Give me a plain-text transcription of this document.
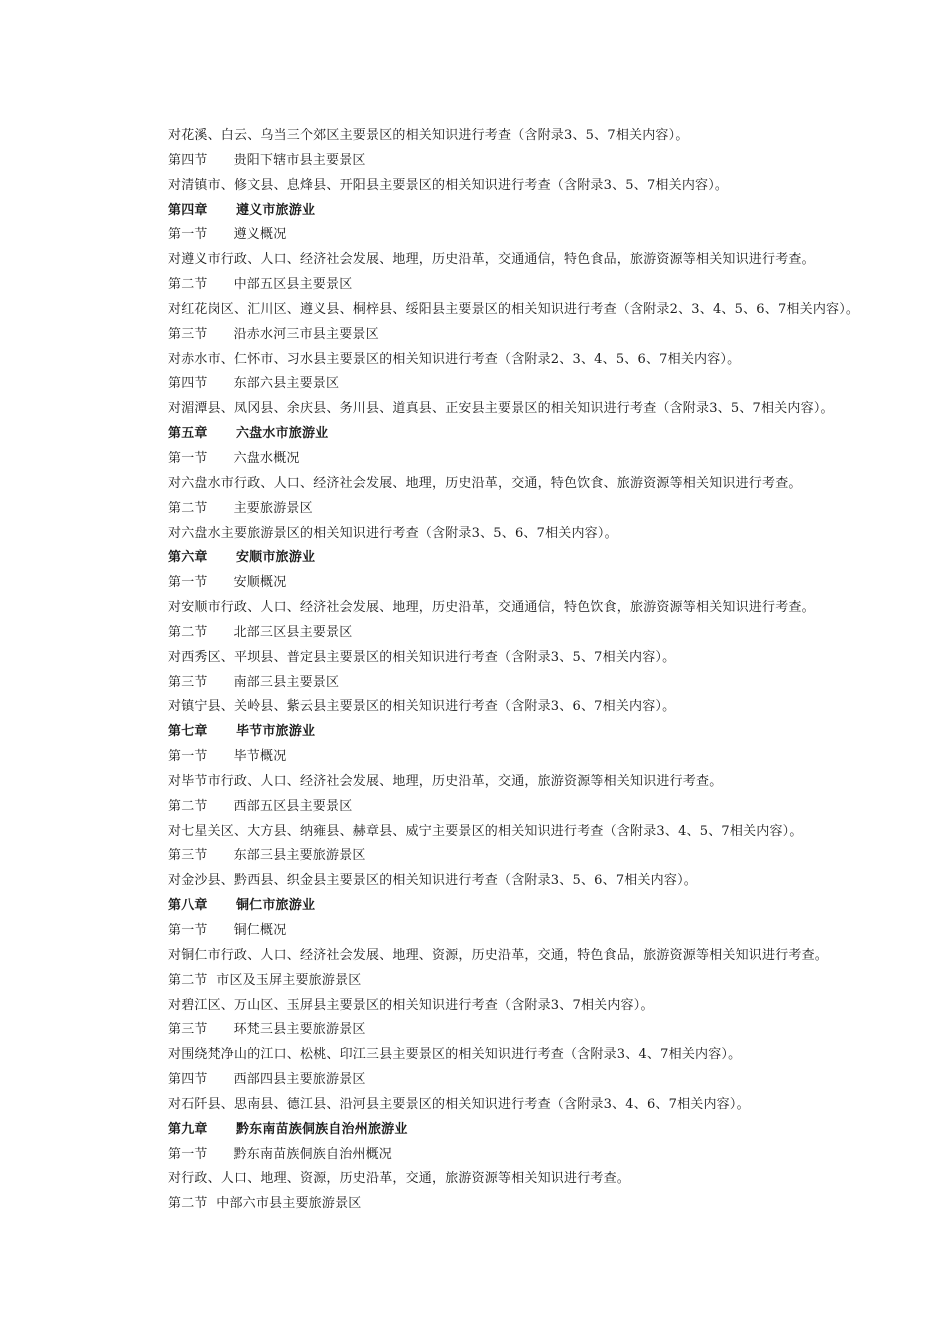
对花溪、白云、乌当三个郊区主要景区的相关知识进行考查（含附录3、5、7相关内容）。
第四节      贵阳下辖市县主要景区
对清镇市、修文县、息烽县、开阳县主要景区的相关知识进行考查（含附录3、5、7相关内容）。
第四章      遵义市旅游业
第一节      遵义概况
对遵义市行政、人口、经济社会发展、地理，历史沿革，交通通信，特色食品，旅游资源等相关知识进行考查。
第二节      中部五区县主要景区
对红花岗区、汇川区、遵义县、桐梓县、绥阳县主要景区的相关知识进行考查（含附录2、3、4、5、6、7相关内容）。
第三节      沿赤水河三市县主要景区
对赤水市、仁怀市、习水县主要景区的相关知识进行考查（含附录2、3、4、5、6、7相关内容）。
第四节      东部六县主要景区
对湄潭县、凤冈县、余庆县、务川县、道真县、正安县主要景区的相关知识进行考查（含附录3、5、7相关内容）。
第五章      六盘水市旅游业
第一节      六盘水概况
对六盘水市行政、人口、经济社会发展、地理，历史沿革，交通，特色饮食、旅游资源等相关知识进行考查。
第二节      主要旅游景区
对六盘水主要旅游景区的相关知识进行考查（含附录3、5、6、7相关内容）。
第六章      安顺市旅游业
第一节      安顺概况
对安顺市行政、人口、经济社会发展、地理，历史沿革，交通通信，特色饮食，旅游资源等相关知识进行考查。
第二节      北部三区县主要景区
对西秀区、平坝县、普定县主要景区的相关知识进行考查（含附录3、5、7相关内容）。
第三节      南部三县主要景区
对镇宁县、关岭县、紫云县主要景区的相关知识进行考查（含附录3、6、7相关内容）。
第七章      毕节市旅游业
第一节      毕节概况
对毕节市行政、人口、经济社会发展、地理，历史沿革，交通，旅游资源等相关知识进行考查。
第二节      西部五区县主要景区
对七星关区、大方县、纳雍县、赫章县、威宁主要景区的相关知识进行考查（含附录3、4、5、7相关内容）。
第三节      东部三县主要旅游景区
对金沙县、黔西县、织金县主要景区的相关知识进行考查（含附录3、5、6、7相关内容）。
第八章      铜仁市旅游业
第一节      铜仁概况
对铜仁市行政、人口、经济社会发展、地理、资源，历史沿革，交通，特色食品，旅游资源等相关知识进行考查。
第二节  市区及玉屏主要旅游景区
对碧江区、万山区、玉屏县主要景区的相关知识进行考查（含附录3、7相关内容）。
第三节      环梵三县主要旅游景区
对围绕梵净山的江口、松桃、印江三县主要景区的相关知识进行考查（含附录3、4、7相关内容）。
第四节      西部四县主要旅游景区
对石阡县、思南县、德江县、沿河县主要景区的相关知识进行考查（含附录3、4、6、7相关内容）。
第九章      黔东南苗族侗族自治州旅游业
第一节      黔东南苗族侗族自治州概况
对行政、人口、地理、资源，历史沿革，交通，旅游资源等相关知识进行考查。
第二节  中部六市县主要旅游景区
